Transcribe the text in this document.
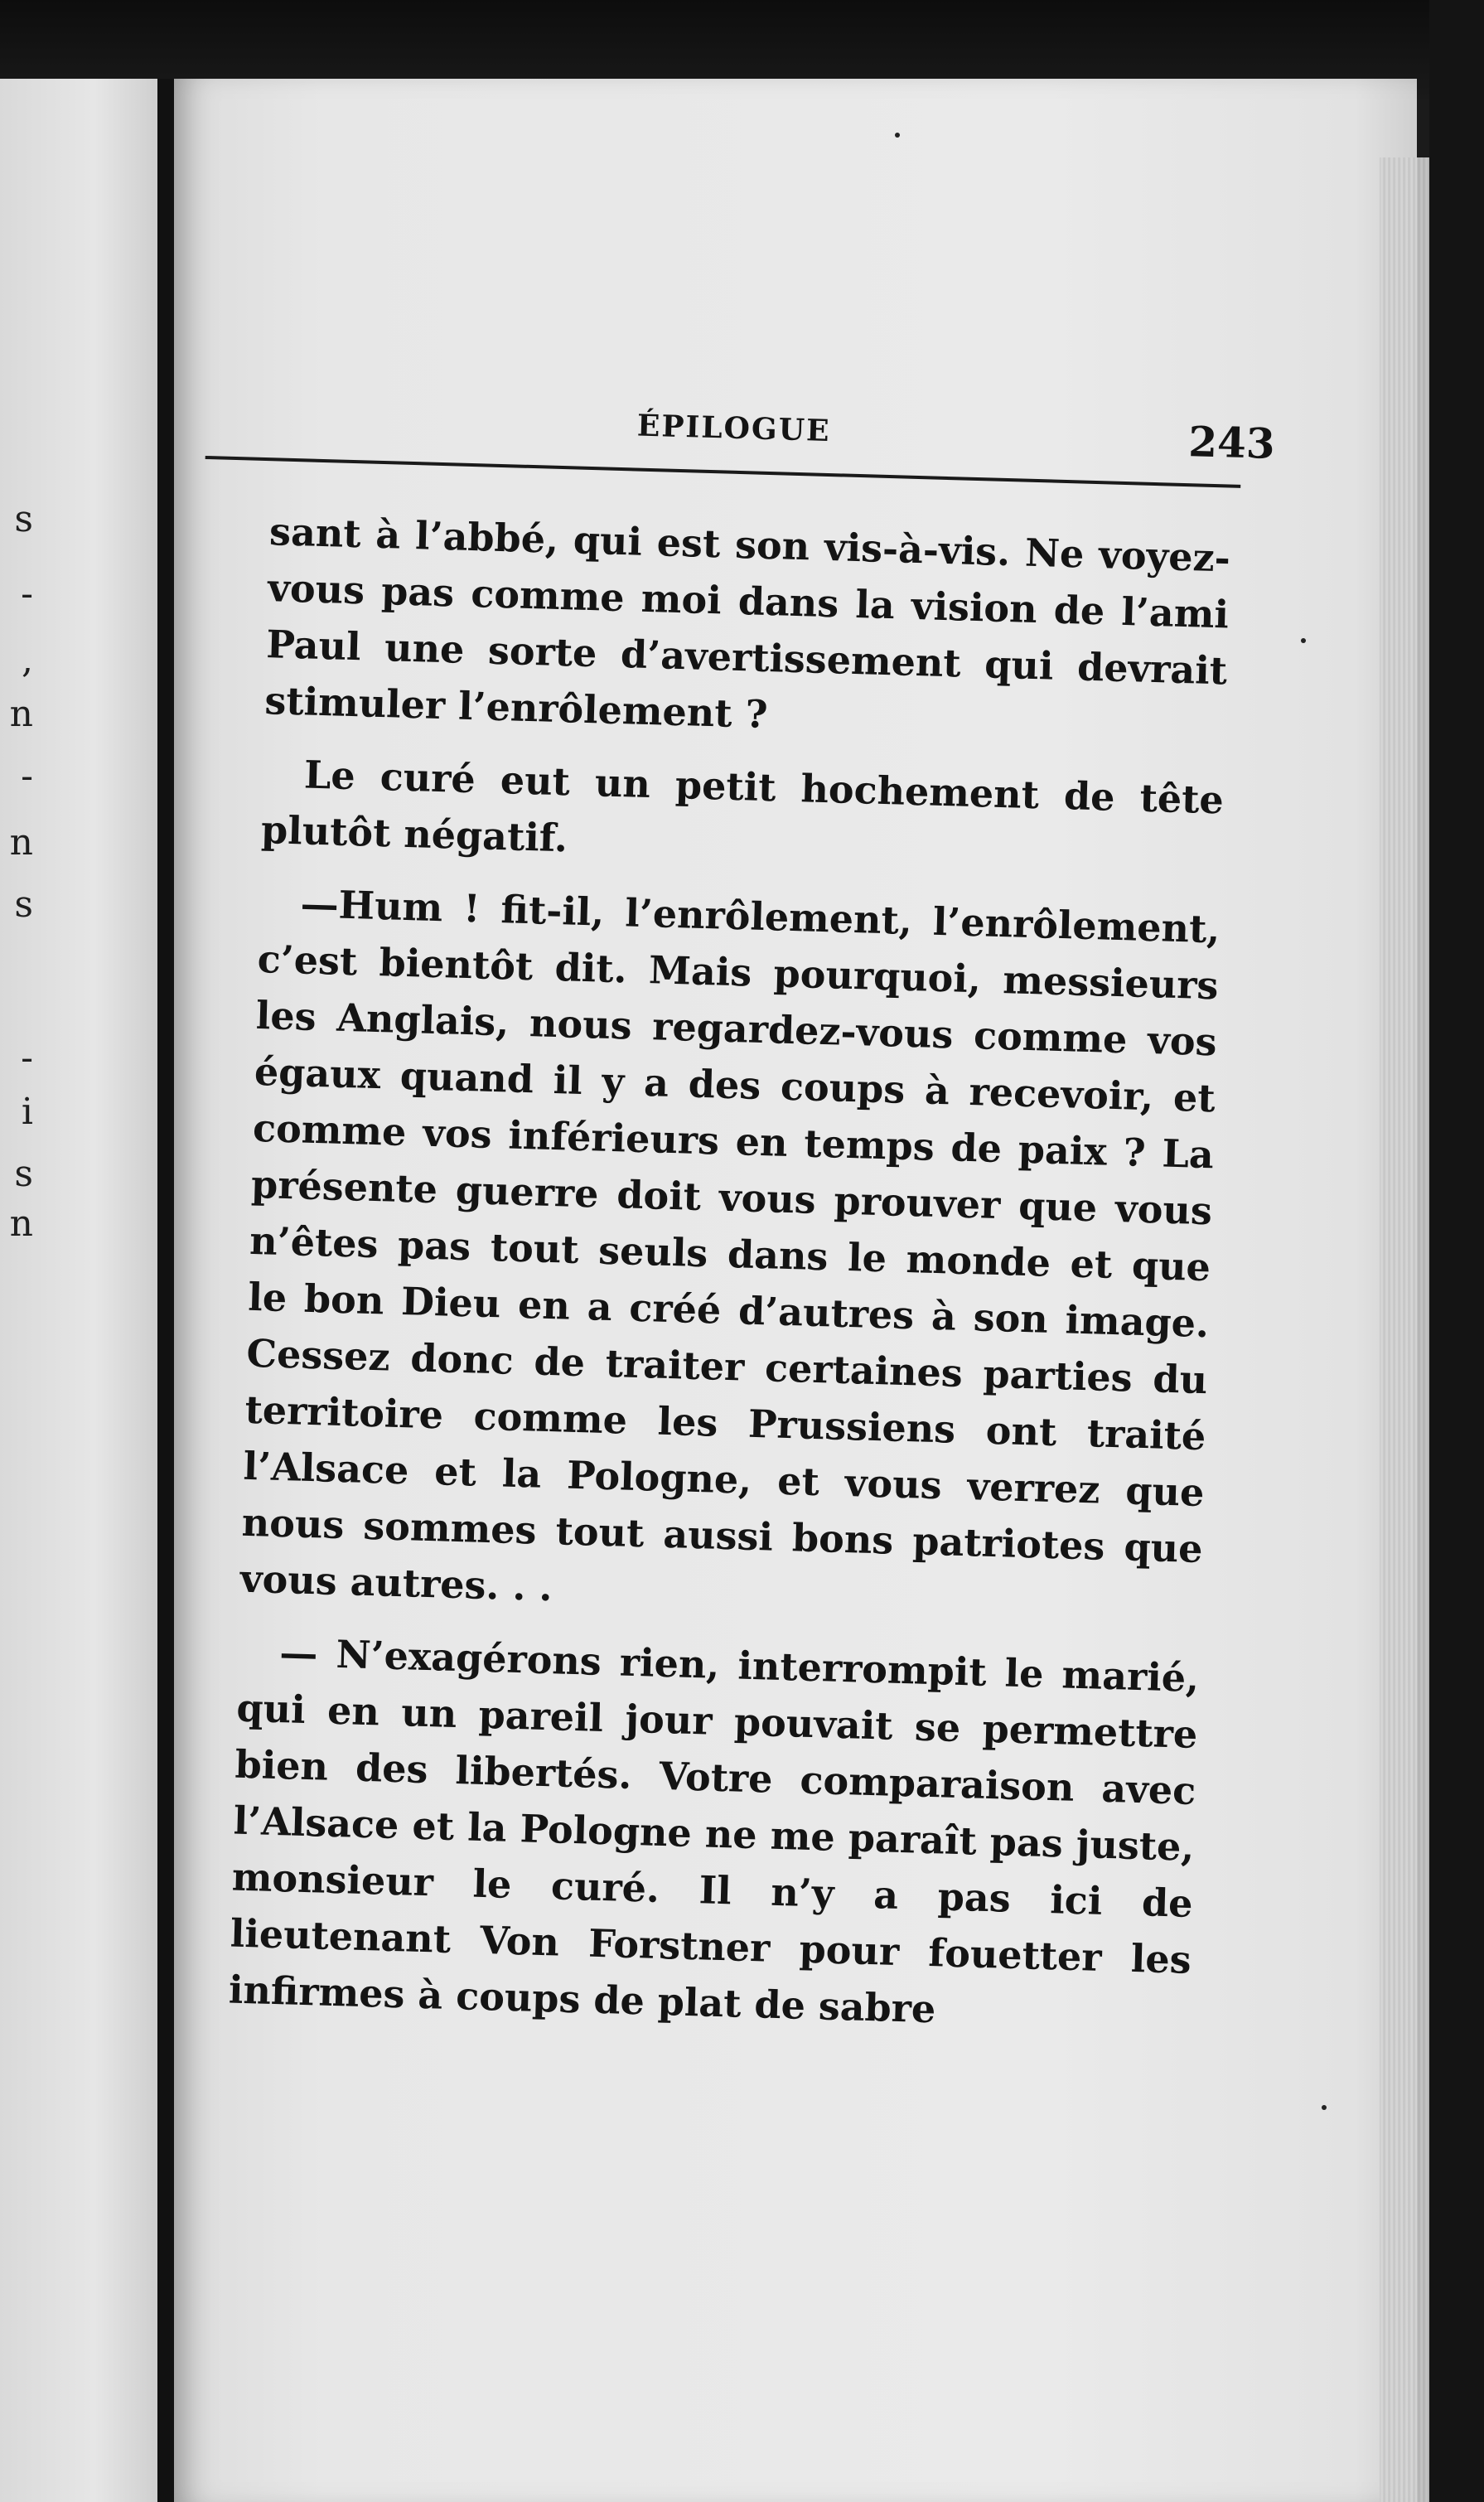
s
-
,
n
-
n
s
-
i
s
n
ÉPILOGUE	243

sant à l’abbé, qui est son vis-à-vis. Ne voyez-vous pas comme moi dans la vision de l’ami Paul une sorte d’avertissement qui devrait stimuler l’enrôlement ?

Le curé eut un petit hochement de tête plutôt négatif.

—Hum ! fit-il, l’enrôlement, l’enrôlement, c’est bientôt dit. Mais pourquoi, messieurs les Anglais, nous regardez-vous comme vos égaux quand il y a des coups à recevoir, et comme vos inférieurs en temps de paix ? La présente guerre doit vous prouver que vous n’êtes pas tout seuls dans le monde et que le bon Dieu en a créé d’autres à son image. Cessez donc de traiter certaines parties du territoire comme les Prussiens ont traité l’Alsace et la Pologne, et vous verrez que nous sommes tout aussi bons patriotes que vous autres. . .

— N’exagérons rien, interrompit le marié, qui en un pareil jour pouvait se permettre bien des libertés. Votre comparaison avec l’Alsace et la Pologne ne me paraît pas juste, monsieur le curé. Il n’y a pas ici de lieutenant Von Forstner pour fouetter les infirmes à coups de plat de sabre
